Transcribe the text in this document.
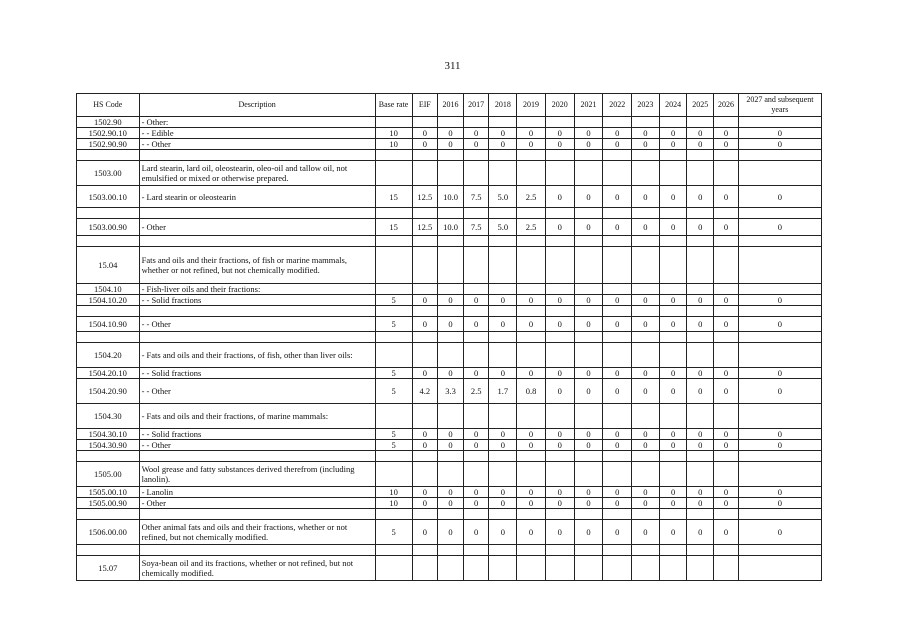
311
HS Code	Description	Base rate	EIF	2016	2017	2018	2019	2020	2021	2022	2023	2024	2025	2026	2027 and subsequent years
1502.90	- Other:														
1502.90.10	- - Edible	10	0	0	0	0	0	0	0	0	0	0	0	0	0
1502.90.90	- - Other	10	0	0	0	0	0	0	0	0	0	0	0	0	0

1503.00	Lard stearin, lard oil, oleostearin, oleo-oil and tallow oil, not emulsified or mixed or otherwise prepared.														
1503.00.10	- Lard stearin or oleostearin	15	12.5	10.0	7.5	5.0	2.5	0	0	0	0	0	0	0	0

1503.00.90	- Other	15	12.5	10.0	7.5	5.0	2.5	0	0	0	0	0	0	0	0

15.04	Fats and oils and their fractions, of fish or marine mammals, whether or not refined, but not chemically modified.														
1504.10	- Fish-liver oils and their fractions:														
1504.10.20	- - Solid fractions	5	0	0	0	0	0	0	0	0	0	0	0	0	0

1504.10.90	- - Other	5	0	0	0	0	0	0	0	0	0	0	0	0	0

1504.20	- Fats and oils and their fractions, of fish, other than liver oils:														
1504.20.10	- - Solid fractions	5	0	0	0	0	0	0	0	0	0	0	0	0	0
1504.20.90	- - Other	5	4.2	3.3	2.5	1.7	0.8	0	0	0	0	0	0	0	0
1504.30	- Fats and oils and their fractions, of marine mammals:														
1504.30.10	- - Solid fractions	5	0	0	0	0	0	0	0	0	0	0	0	0	0
1504.30.90	- - Other	5	0	0	0	0	0	0	0	0	0	0	0	0	0

1505.00	Wool grease and fatty substances derived therefrom (including lanolin).														
1505.00.10	- Lanolin	10	0	0	0	0	0	0	0	0	0	0	0	0	0
1505.00.90	- Other	10	0	0	0	0	0	0	0	0	0	0	0	0	0

1506.00.00	Other animal fats and oils and their fractions, whether or not refined, but not chemically modified.	5	0	0	0	0	0	0	0	0	0	0	0	0	0

15.07	Soya-bean oil and its fractions, whether or not refined, but not chemically modified.														
